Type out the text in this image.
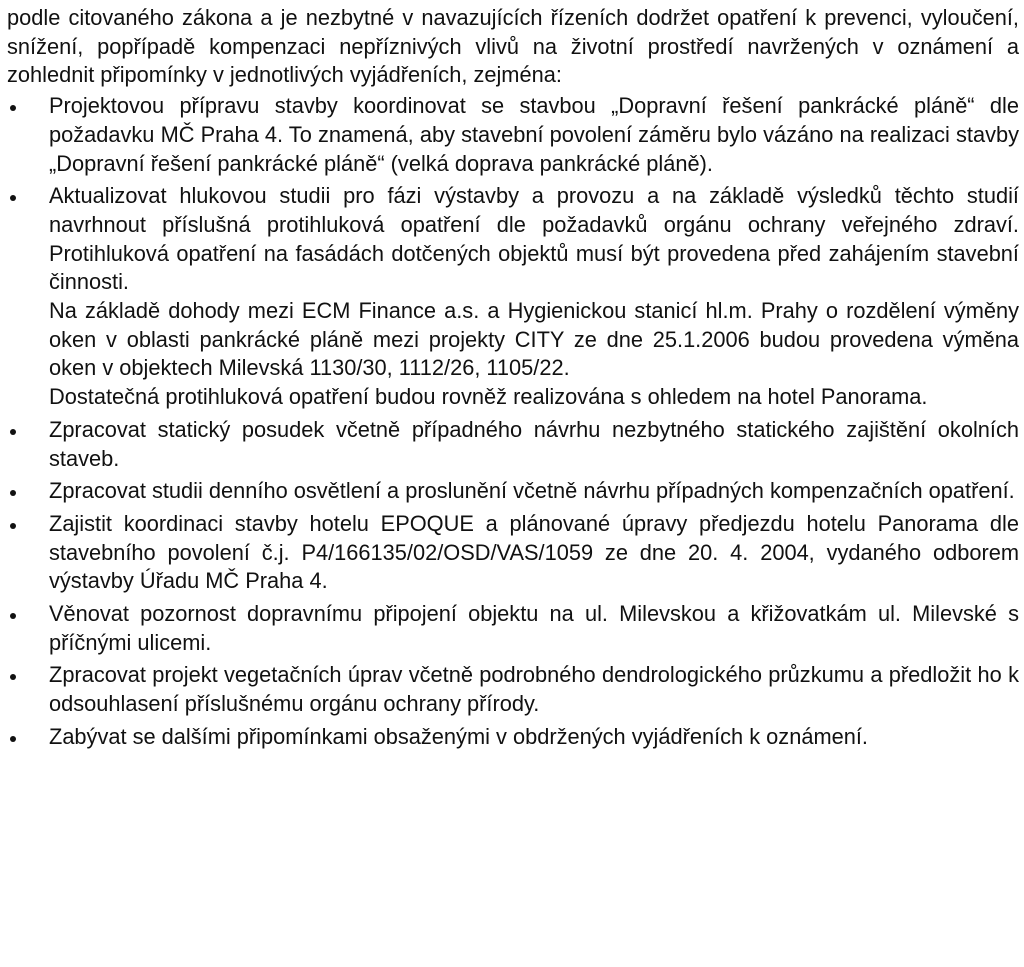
podle citovaného zákona a je nezbytné v navazujících řízeních dodržet opatření k prevenci, vyloučení, snížení, popřípadě kompenzaci nepříznivých vlivů na životní prostředí navržených v oznámení a zohlednit připomínky v jednotlivých vyjádřeních, zejména:

Projektovou přípravu stavby koordinovat se stavbou „Dopravní řešení pankrácké pláně“ dle požadavku MČ Praha 4. To znamená, aby stavební povolení záměru bylo vázáno na realizaci stavby „Dopravní řešení pankrácké pláně“ (velká doprava pankrácké pláně).

Aktualizovat hlukovou studii pro fázi výstavby a provozu a na základě výsledků těchto studií navrhnout příslušná protihluková opatření dle požadavků orgánu ochrany veřejného zdraví. Protihluková opatření na fasádách dotčených objektů musí být provedena před zahájením stavební činnosti.

Na základě dohody mezi ECM Finance a.s. a Hygienickou stanicí hl.m. Prahy o rozdělení výměny oken v oblasti pankrácké pláně mezi projekty CITY ze dne 25.1.2006 budou provedena výměna oken v objektech Milevská 1130/30, 1112/26, 1105/22.

Dostatečná protihluková opatření budou rovněž realizována s ohledem na hotel Panorama.

Zpracovat statický posudek včetně případného návrhu nezbytného statického zajištění okolních staveb.

Zpracovat studii denního osvětlení a proslunění včetně návrhu případných kompenzačních opatření.

Zajistit koordinaci stavby hotelu EPOQUE a plánované úpravy předjezdu hotelu Panorama dle stavebního povolení č.j. P4/166135/02/OSD/VAS/1059 ze dne 20. 4. 2004, vydaného odborem výstavby Úřadu MČ Praha 4.

Věnovat pozornost dopravnímu připojení objektu na ul. Milevskou a křižovatkám ul. Milevské s příčnými ulicemi.

Zpracovat projekt vegetačních úprav včetně podrobného dendrologického průzkumu a předložit ho k odsouhlasení příslušnému orgánu ochrany přírody.

Zabývat se dalšími připomínkami obsaženými v obdržených vyjádřeních k oznámení.
